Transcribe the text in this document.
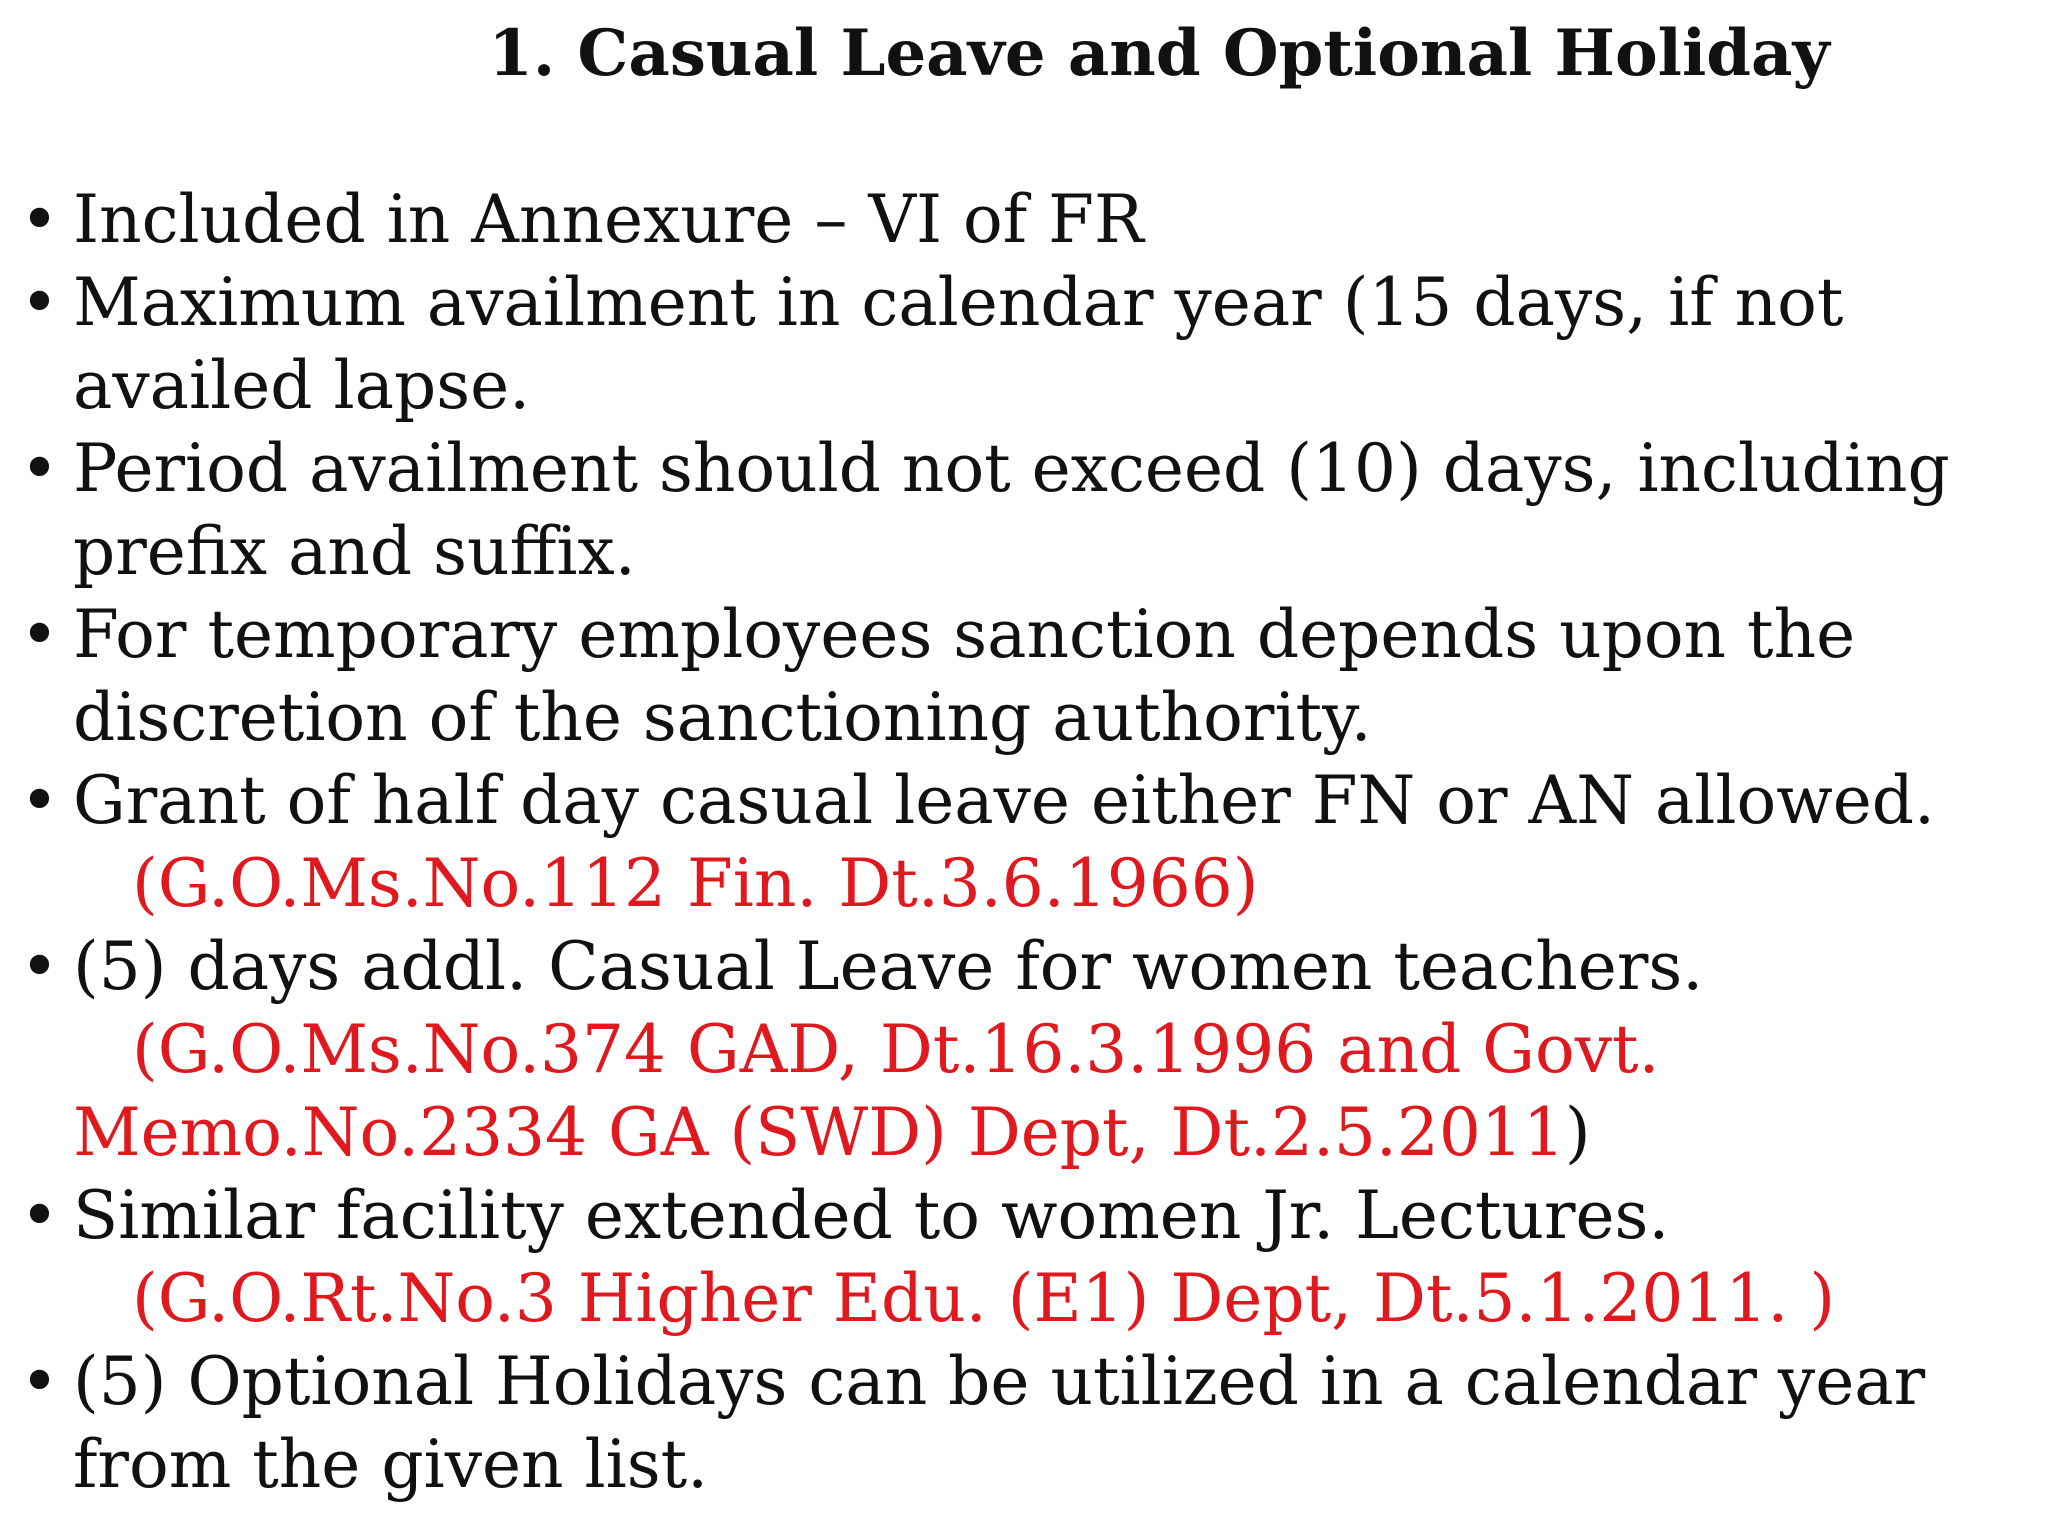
1. Casual Leave and Optional Holiday
• Included in Annexure – VI of FR
• Maximum availment in calendar year (15 days, if not
availed lapse.
• Period availment should not exceed (10) days, including
prefix and suffix.
• For temporary employees sanction depends upon the
discretion of the sanctioning authority.
• Grant of half day casual leave either FN or AN allowed.
(G.O.Ms.No.112 Fin. Dt.3.6.1966)
• (5) days addl. Casual Leave for women teachers.
(G.O.Ms.No.374 GAD, Dt.16.3.1996 and Govt.
Memo.No.2334 GA (SWD) Dept, Dt.2.5.2011)
• Similar facility extended to women Jr. Lectures.
(G.O.Rt.No.3 Higher Edu. (E1) Dept, Dt.5.1.2011. )
• (5) Optional Holidays can be utilized in a calendar year
from the given list.
